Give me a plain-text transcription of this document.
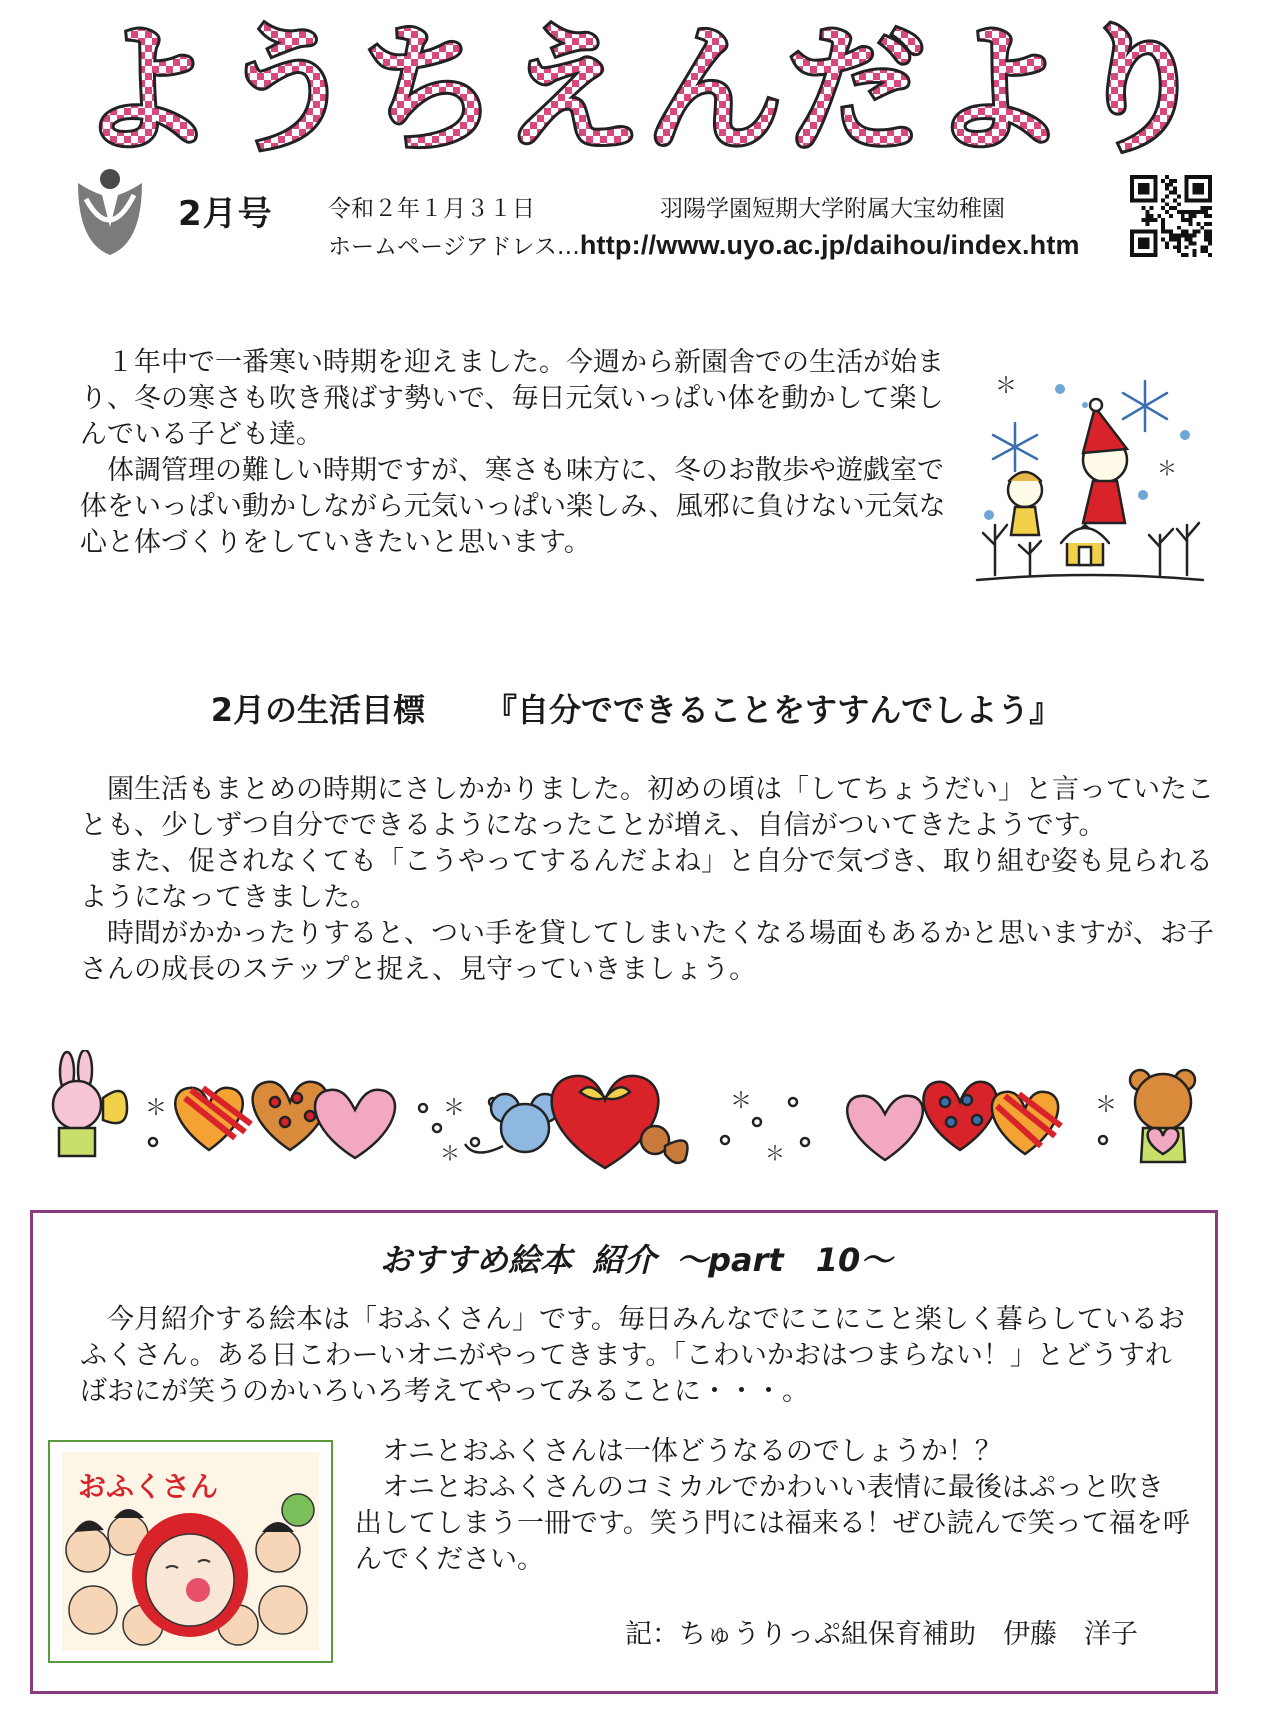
ようちえんだより
2月号 令和２年１月３１日	羽陽学園短期大学附属大宝幼稚園
ホームページアドレス…http://www.uyo.ac.jp/daihou/index.htm

　１年中で一番寒い時期を迎えました。今週から新園舎での生活が始まり、冬の寒さも吹き飛ばす勢いで、毎日元気いっぱい体を動かして楽しんでいる子ども達。

　体調管理の難しい時期ですが、寒さも味方に、冬のお散歩や遊戯室で体をいっぱい動かしながら元気いっぱい楽しみ、風邪に負けない元気な心と体づくりをしていきたいと思います。

＊
＊
2月の生活目標 『自分でできることをすすんでしよう』

　園生活もまとめの時期にさしかかりました。初めの頃は「してちょうだい」と言っていたことも、少しずつ自分でできるようになったことが増え、自信がついてきたようです。

　また、促されなくても「こうやってするんだよね」と自分で気づき、取り組む姿も見られるようになってきました。

　時間がかかったりすると、つい手を貸してしまいたくなる場面もあるかと思いますが、お子さんの成長のステップと捉え、見守っていきましょう。

＊	＊
＊
＊
＊
＊
おすすめ絵本 紹介 ～part　10～

　今月紹介する絵本は「おふくさん」です。毎日みんなでにこにこと楽しく暮らしているおふくさん。ある日こわーいオニがやってきます。「こわいかおはつまらない！」とどうすればおにが笑うのかいろいろ考えてやってみることに・・・。

　オニとおふくさんは一体どうなるのでしょうか！？

　オニとおふくさんのコミカルでかわいい表情に最後はぷっと吹き出してしまう一冊です。笑う門には福来る！ぜひ読んで笑って福を呼んでください。

おふくさん
記：ちゅうりっぷ組保育補助　伊藤　洋子
